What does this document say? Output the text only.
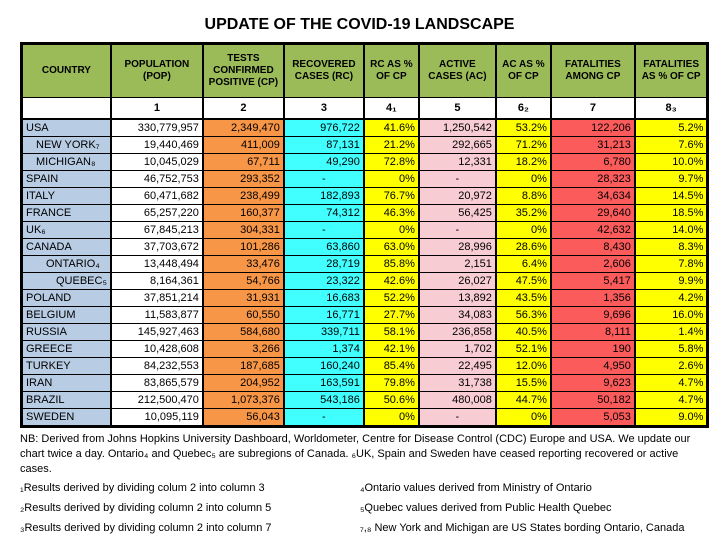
UPDATE OF THE COVID-19 LANDSCAPE
COUNTRY	POPULATION (POP)	TESTS CONFIRMED POSITIVE (CP)	RECOVERED CASES (RC)	RC AS % OF CP	ACTIVE CASES (AC)	AC AS % OF CP	FATALITIES AMONG CP	FATALITIES AS % OF CP
	1	2	3	4₁	5	6₂	7	8₃
USA	330,779,957	2,349,470	976,722	41.6%	1,250,542	53.2%	122,206	5.2%
NEW YORK₇	19,440,469	411,009	87,131	21.2%	292,665	71.2%	31,213	7.6%
MICHIGAN₈	10,045,029	67,711	49,290	72.8%	12,331	18.2%	6,780	10.0%
SPAIN	46,752,753	293,352	-	0%	-	0%	28,323	9.7%
ITALY	60,471,682	238,499	182,893	76.7%	20,972	8.8%	34,634	14.5%
FRANCE	65,257,220	160,377	74,312	46.3%	56,425	35.2%	29,640	18.5%
UK₆	67,845,213	304,331	-	0%	-	0%	42,632	14.0%
CANADA	37,703,672	101,286	63,860	63.0%	28,996	28.6%	8,430	8.3%
ONTARIO₄	13,448,494	33,476	28,719	85.8%	2,151	6.4%	2,606	7.8%
QUEBEC₅	8,164,361	54,766	23,322	42.6%	26,027	47.5%	5,417	9.9%
POLAND	37,851,214	31,931	16,683	52.2%	13,892	43.5%	1,356	4.2%
BELGIUM	11,583,877	60,550	16,771	27.7%	34,083	56.3%	9,696	16.0%
RUSSIA	145,927,463	584,680	339,711	58.1%	236,858	40.5%	8,111	1.4%
GREECE	10,428,608	3,266	1,374	42.1%	1,702	52.1%	190	5.8%
TURKEY	84,232,553	187,685	160,240	85.4%	22,495	12.0%	4,950	2.6%
IRAN	83,865,579	204,952	163,591	79.8%	31,738	15.5%	9,623	4.7%
BRAZIL	212,500,470	1,073,376	543,186	50.6%	480,008	44.7%	50,182	4.7%
SWEDEN	10,095,119	56,043	-	0%	-	0%	5,053	9.0%

NB: Derived from Johns Hopkins University Dashboard, Worldometer, Centre for Disease Control (CDC) Europe and USA. We update our chart twice a day. Ontario₄ and Quebec₅ are subregions of Canada. ₆UK, Spain and Sweden have ceased reporting recovered or active cases.

₁Results derived by dividing colum 2 into column 3	₄Ontario values derived from Ministry of Ontario
₂Results derived by dividing column 2 into column 5	₅Quebec values derived from Public Health Quebec
₃Results derived by dividing column 2 into column 7	₇,₈ New York and Michigan are US States bording Ontario, Canada
